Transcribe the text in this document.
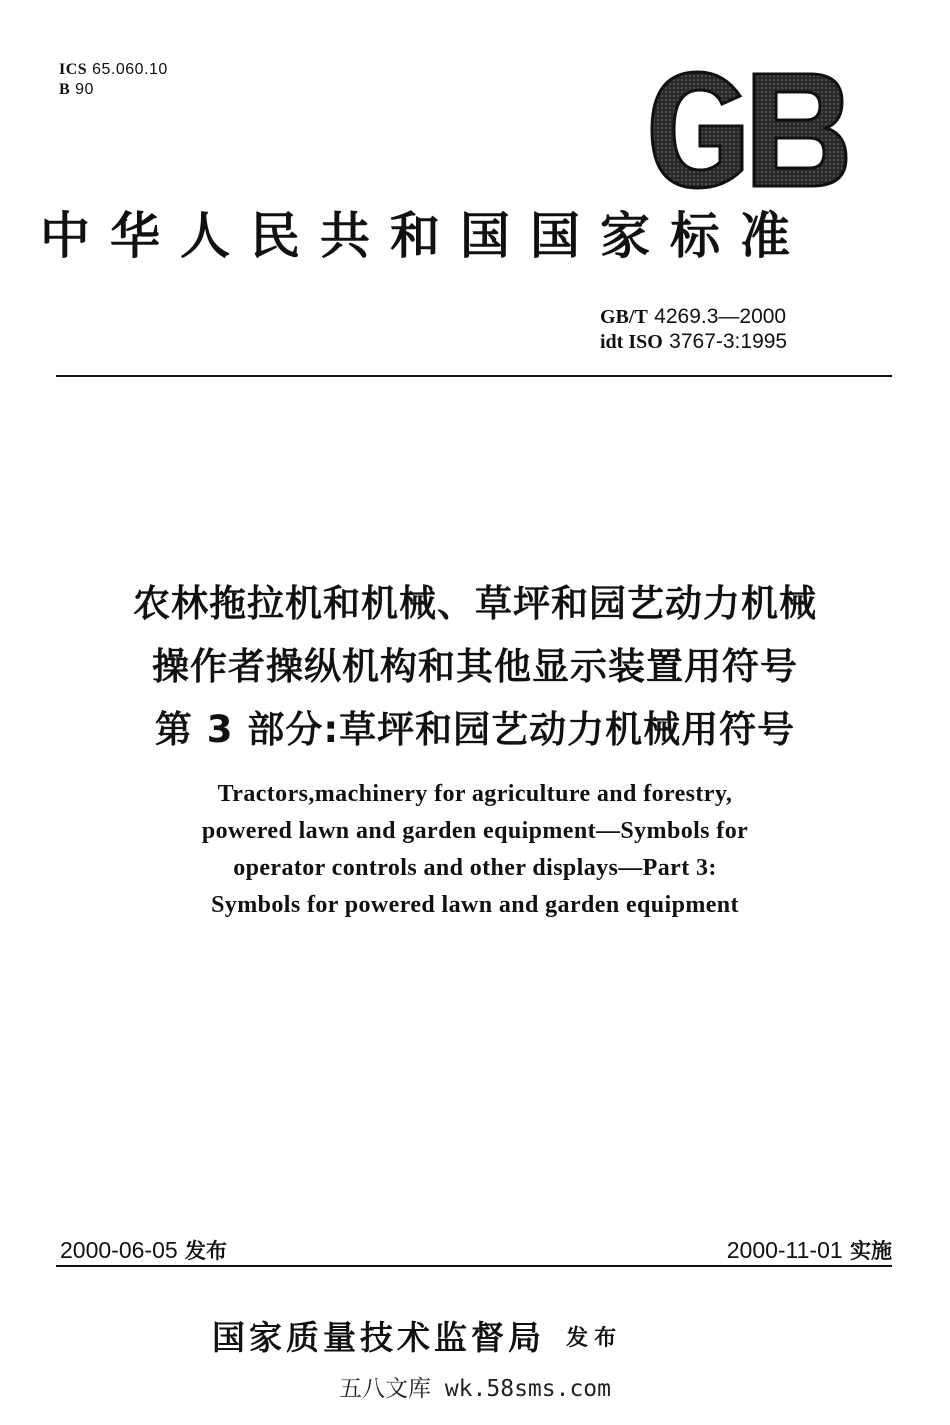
ICS 65.060.10
B 90
中华人民共和国国家标准
GB/T 4269.3—2000
idt ISO 3767-3:1995
农林拖拉机和机械、草坪和园艺动力机械
操作者操纵机构和其他显示装置用符号
第 3 部分:草坪和园艺动力机械用符号
Tractors,machinery for agriculture and forestry,
powered lawn and garden equipment—Symbols for
operator controls and other displays—Part 3:
Symbols for powered lawn and garden equipment
2000-06-05 发布	2000-11-01 实施
国家质量技术监督局 发布
五八文库 wk.58sms.com
